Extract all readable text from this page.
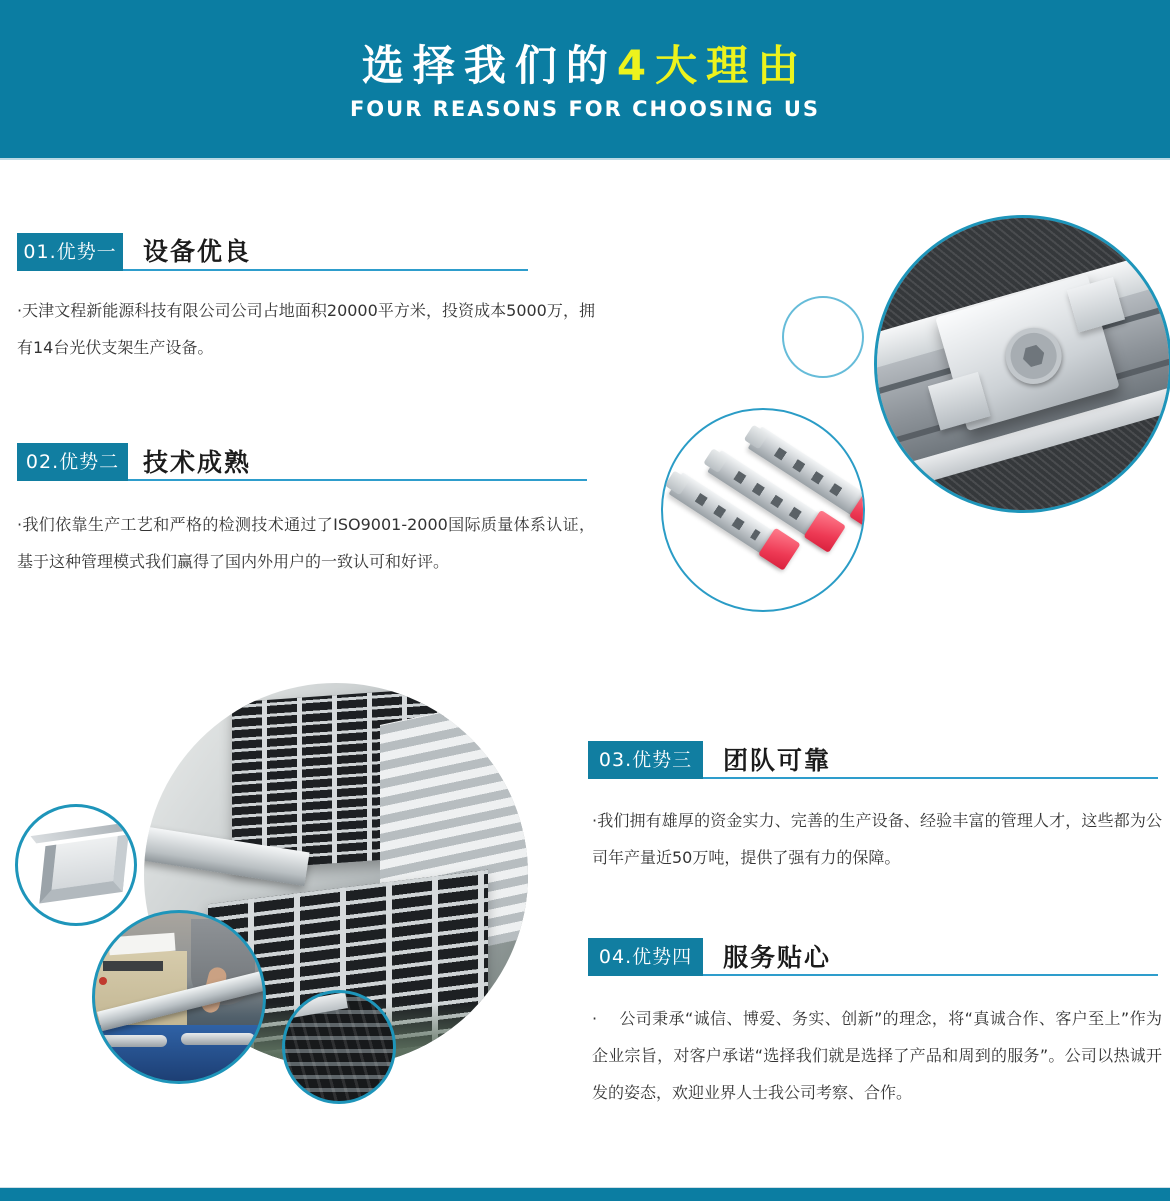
选择我们的4大理由
FOUR REASONS FOR CHOOSING US
01.优势一 设备优良

·天津文程新能源科技有限公司公司占地面积20000平方米，投资成本5000万，拥有14台光伏支架生产设备。

02.优势二 技术成熟

·我们依靠生产工艺和严格的检测技术通过了ISO9001-2000国际质量体系认证，基于这种管理模式我们赢得了国内外用户的一致认可和好评。

03.优势三	团队可靠

·我们拥有雄厚的资金实力、完善的生产设备、经验丰富的管理人才，这些都为公司年产量近50万吨，提供了强有力的保障。

04.优势四	服务贴心

·　 公司秉承“诚信、博爱、务实、创新”的理念，将“真诚合作、客户至上”作为企业宗旨，对客户承诺“选择我们就是选择了产品和周到的服务”。公司以热诚开发的姿态，欢迎业界人士我公司考察、合作。
